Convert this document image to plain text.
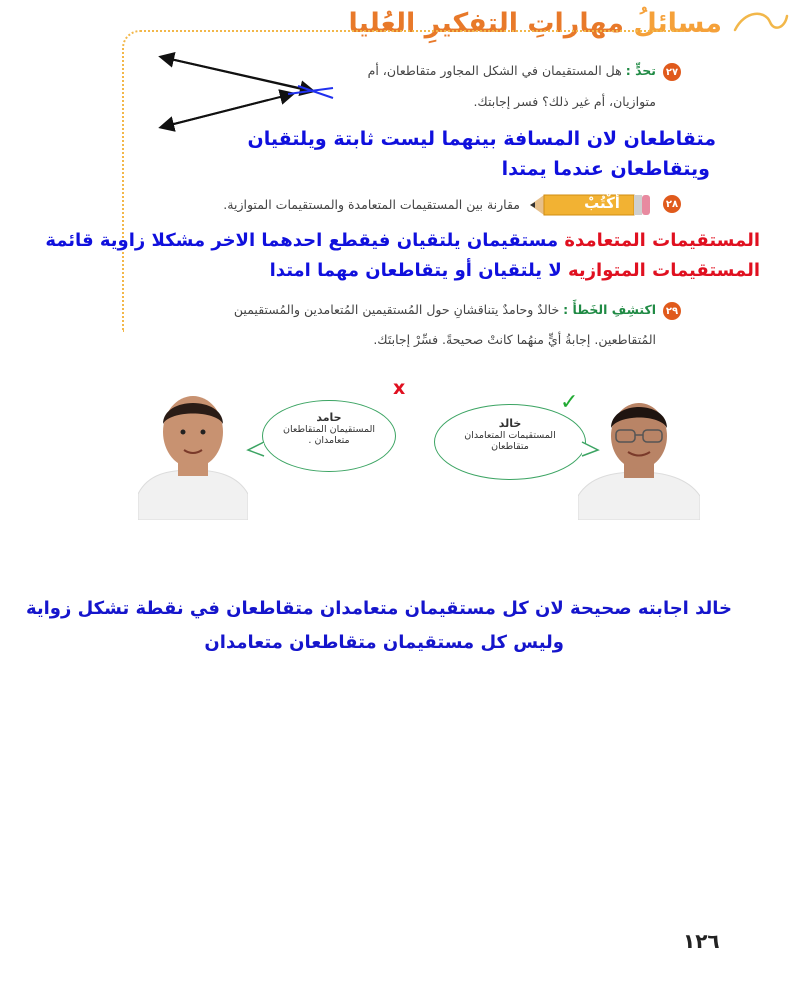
مسائلُ مهاراتِ التفكيرِ العُليا
٢٧
تحدٍّ : هل المستقيمان في الشكل المجاور متقاطعان، أم
متوازيان، أم غير ذلك؟ فسر إجابتك.
متقاطعان لان المسافة بينهما ليست ثابتة ويلتقيان
ويتقاطعان عندما يمتدا
٢٨
أُكْتُبْ
مقارنة بين المستقيمات المتعامدة والمستقيمات المتوازية.
المستقيمات المتعامدة مستقيمان يلتقيان فيقطع احدهما الاخر مشكلا زاوية قائمة
المستقيمات المتوازيه لا يلتقيان أو يتقاطعان مهما امتدا
٢٩
اكتشِفِ الخَطأَ : خالدٌ وحامدٌ يتناقشانِ حول المُستقيمين المُتعامدين والمُستقيمين
المُتقاطعين. إجابةُ أيٍّ منهُما كانتْ صحيحةً. فسِّرْ إجابتَك.
x
✓
حامد
المستقيمان المتقاطعان
متعامدان .
خالد
المستقيمات المتعامدان
متقاطعان
خالد اجابته صحيحة لان كل مستقيمان متعامدان متقاطعان في نقطة تشكل زواية
وليس كل مستقيمان متقاطعان متعامدان
١٢٦
